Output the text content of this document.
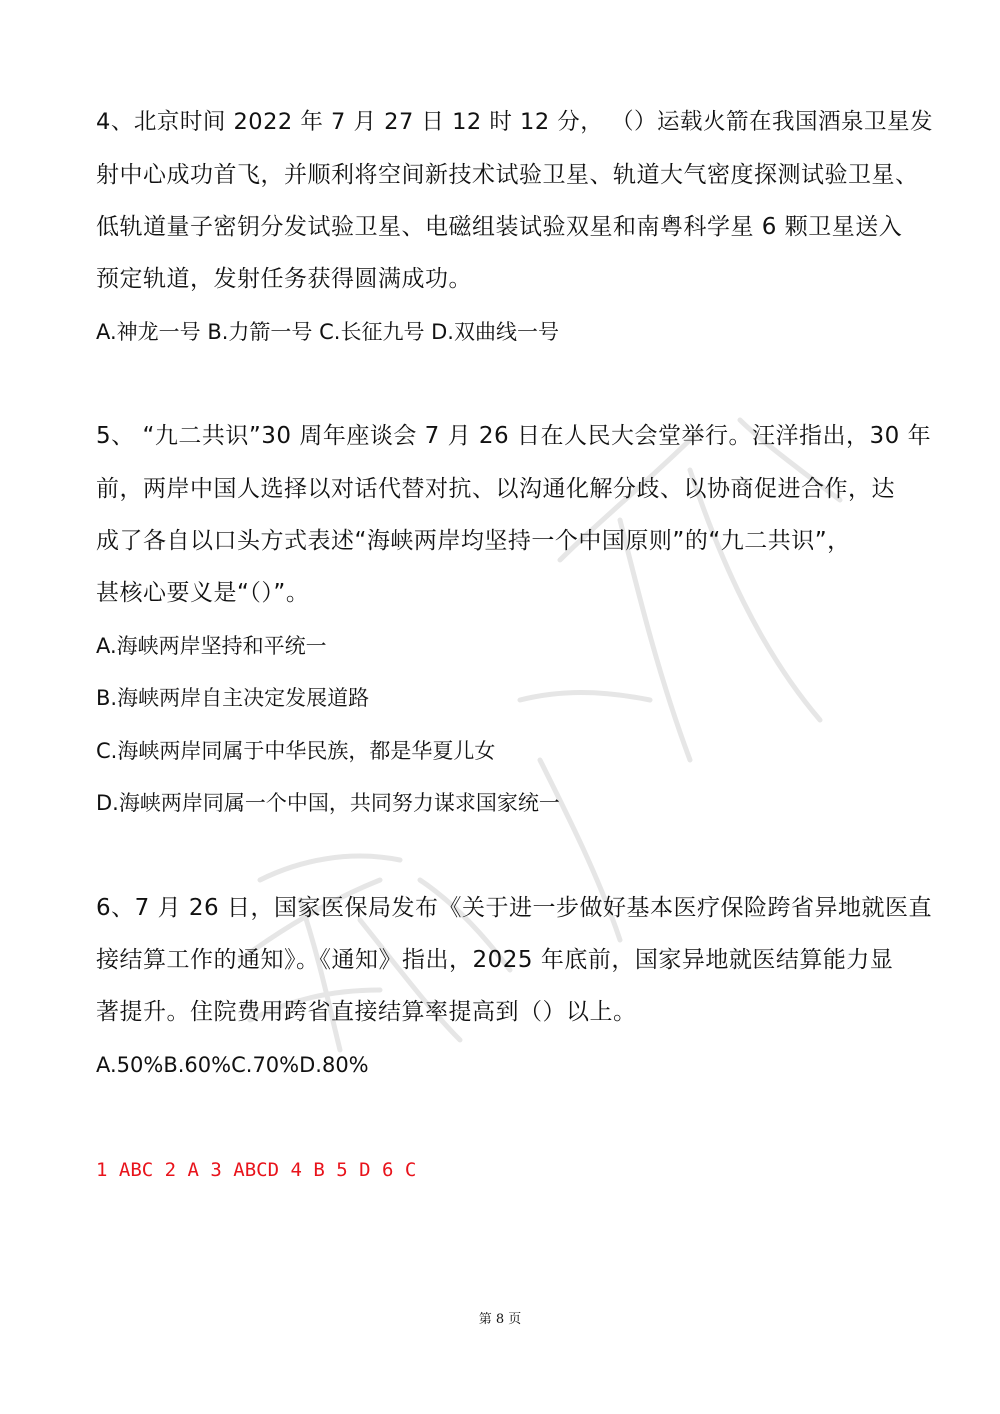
4、北京时间 2022 年 7 月 27 日 12 时 12 分， （）运载火箭在我国酒泉卫星发
射中心成功首飞，并顺利将空间新技术试验卫星、轨道大气密度探测试验卫星、
低轨道量子密钥分发试验卫星、电磁组装试验双星和南粤科学星 6 颗卫星送入
预定轨道，发射任务获得圆满成功。
A.神龙一号 B.力箭一号 C.长征九号 D.双曲线一号
5、 “九二共识”30 周年座谈会 7 月 26 日在人民大会堂举行。汪洋指出，30 年
前，两岸中国人选择以对话代替对抗、以沟通化解分歧、以协商促进合作，达
成了各自以口头方式表述“海峡两岸均坚持一个中国原则”的“九二共识”，
甚核心要义是“（）”。
A.海峡两岸坚持和平统一
B.海峡两岸自主决定发展道路
C.海峡两岸同属于中华民族，都是华夏儿女
D.海峡两岸同属一个中国，共同努力谋求国家统一
6、7 月 26 日，国家医保局发布《关于进一步做好基本医疗保险跨省异地就医直
接结算工作的通知》。《通知》指出，2025 年底前，国家异地就医结算能力显
著提升。住院费用跨省直接结算率提高到（）以上。
A.50%B.60%C.70%D.80%
1 ABC 2 A 3 ABCD 4 B 5 D 6 C
第 8 页
